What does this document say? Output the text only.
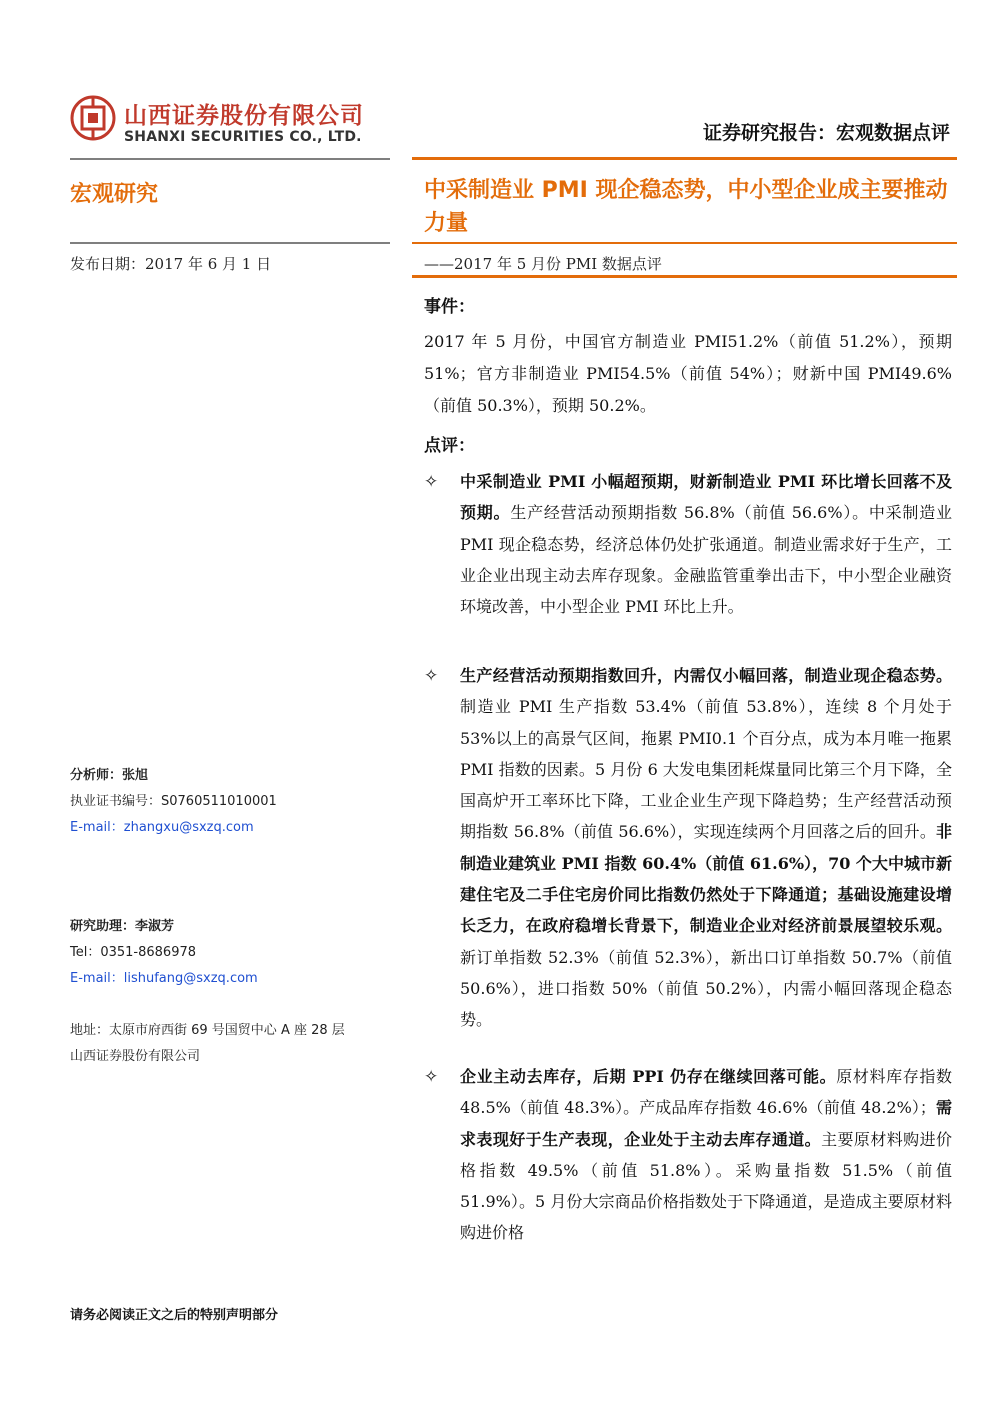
山西证券股份有限公司
SHANXI SECURITIES CO., LTD.	证券研究报告：宏观数据点评
宏观研究	中采制造业 PMI 现企稳态势，中小型企业成主要推动力量
发布日期：2017 年 6 月 1 日	——2017 年 5 月份 PMI 数据点评
事件：
2017 年 5 月份，中国官方制造业 PMI51.2%（前值 51.2%），预期 51%；官方非制造业 PMI54.5%（前值 54%）；财新中国 PMI49.6%（前值 50.3%），预期 50.2%。
点评：
✧	中采制造业 PMI 小幅超预期，财新制造业 PMI 环比增长回落不及预期。生产经营活动预期指数 56.8%（前值 56.6%）。中采制造业 PMI 现企稳态势，经济总体仍处扩张通道。制造业需求好于生产，工业企业出现主动去库存现象。金融监管重拳出击下，中小型企业融资环境改善，中小型企业 PMI 环比上升。
✧	生产经营活动预期指数回升，内需仅小幅回落，制造业现企稳态势。制造业 PMI 生产指数 53.4%（前值 53.8%），连续 8 个月处于 53%以上的高景气区间，拖累 PMI0.1 个百分点，成为本月唯一拖累 PMI 指数的因素。5 月份 6 大发电集团耗煤量同比第三个月下降，全国高炉开工率环比下降，工业企业生产现下降趋势；生产经营活动预期指数 56.8%（前值 56.6%），实现连续两个月回落之后的回升。非制造业建筑业 PMI 指数 60.4%（前值 61.6%），70 个大中城市新建住宅及二手住宅房价同比指数仍然处于下降通道；基础设施建设增长乏力，在政府稳增长背景下，制造业企业对经济前景展望较乐观。新订单指数 52.3%（前值 52.3%），新出口订单指数 50.7%（前值 50.6%），进口指数 50%（前值 50.2%），内需小幅回落现企稳态势。
✧	企业主动去库存，后期 PPI 仍存在继续回落可能。原材料库存指数 48.5%（前值 48.3%）。产成品库存指数 46.6%（前值 48.2%）；需求表现好于生产表现，企业处于主动去库存通道。主要原材料购进价格指数 49.5%（前值 51.8%）。采购量指数 51.5%（前值 51.9%）。5 月份大宗商品价格指数处于下降通道，是造成主要原材料购进价格
分析师：张旭
执业证书编号：S0760511010001
E-mail：zhangxu@sxzq.com
研究助理：李淑芳
Tel：0351-8686978
E-mail：lishufang@sxzq.com
地址：太原市府西街 69 号国贸中心 A 座 28 层
山西证券股份有限公司
请务必阅读正文之后的特别声明部分
